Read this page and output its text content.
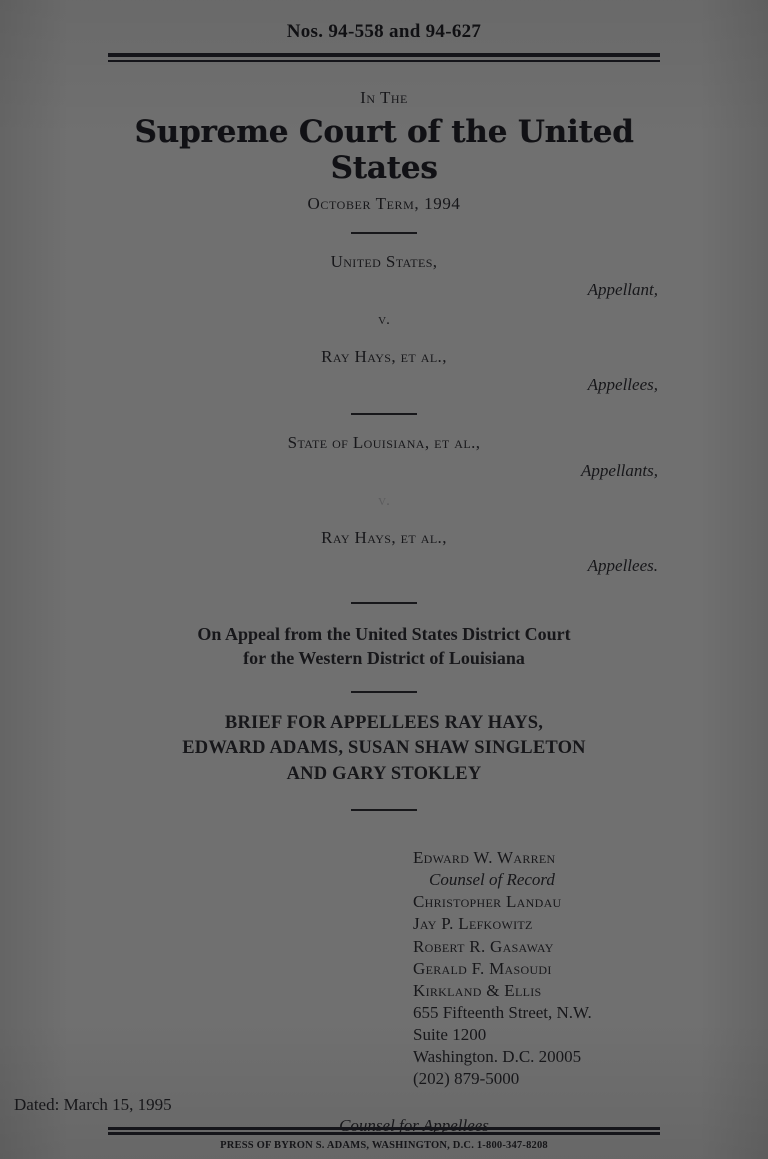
Nos. 94-558 and 94-627
In The
Supreme Court of the United States
October Term, 1994
United States,
Appellant,
v.
Ray Hays, et al.,
Appellees,
State of Louisiana, et al.,
Appellants,
v.
Ray Hays, et al.,
Appellees.
On Appeal from the United States District Court
for the Western District of Louisiana
BRIEF FOR APPELLEES RAY HAYS,
EDWARD ADAMS, SUSAN SHAW SINGLETON
AND GARY STOKLEY
Edward W. Warren
Counsel of Record
Christopher Landau
Jay P. Lefkowitz
Robert R. Gasaway
Gerald F. Masoudi
Kirkland & Ellis
655 Fifteenth Street, N.W.
Suite 1200
Washington. D.C. 20005
(202) 879-5000
Counsel for Appellees
Dated: March 15, 1995
PRESS OF BYRON S. ADAMS, WASHINGTON, D.C. 1-800-347-8208
